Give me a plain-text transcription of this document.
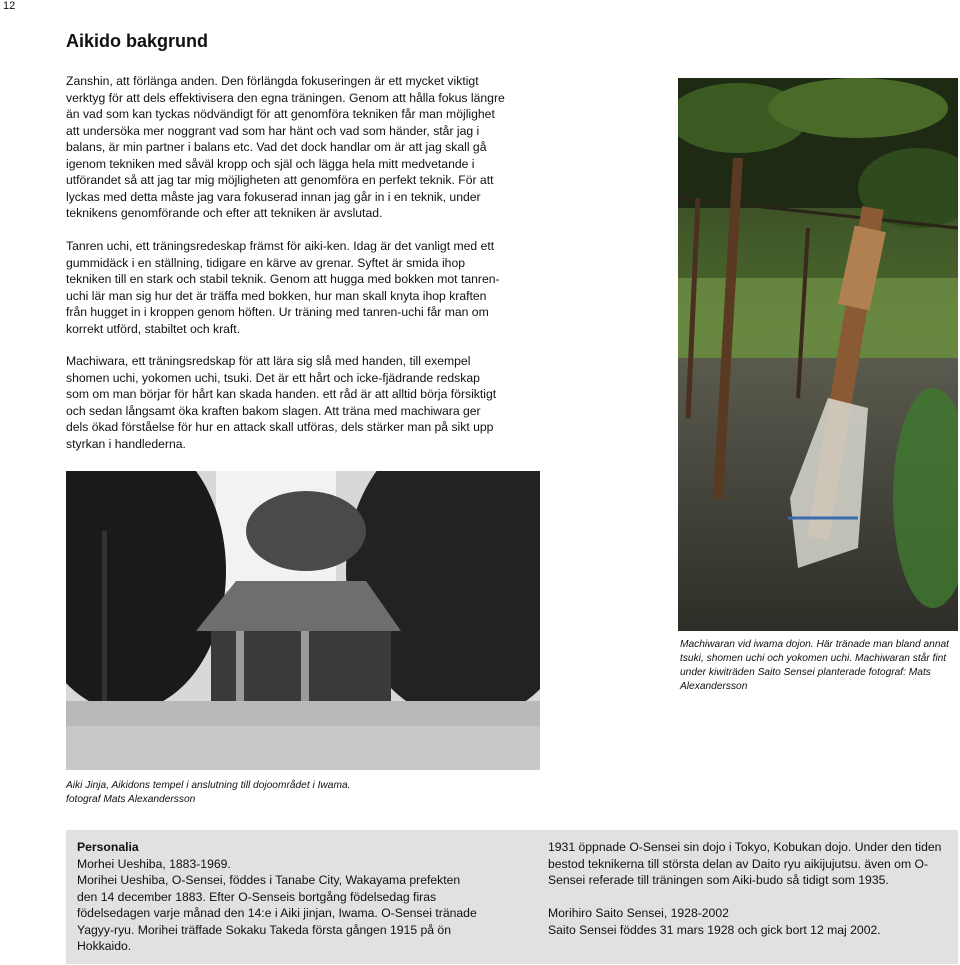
12
Aikido bakgrund

Zanshin, att förlänga anden. Den förlängda fokuseringen är ett mycket viktigt verktyg för att dels effektivisera den egna träningen. Genom att hålla fokus längre än vad som kan tyckas nödvändigt för att genomföra tekniken får man möjlighet att undersöka mer noggrant vad som har hänt och vad som händer, står jag i balans, är min partner i balans etc. Vad det dock handlar om är att jag skall gå igenom tekniken med såväl kropp och själ och lägga hela mitt medvetande i utförandet så att jag tar mig möjligheten att genomföra en perfekt teknik. För att lyckas med detta måste jag vara fokuserad innan jag går in i en teknik, under teknikens genomförande och efter att tekniken är avslutad.

Tanren uchi, ett träningsredeskap främst för aiki-ken. Idag är det vanligt med ett gummidäck i en ställning, tidigare en kärve av grenar. Syftet är smida ihop tekniken till en stark och stabil teknik. Genom att hugga med bokken mot tanren-uchi lär man sig hur det är träffa med bokken, hur man skall knyta ihop kraften från hugget in i kroppen genom höften. Ur träning med tanren-uchi får man om korrekt utförd, stabiltet och kraft.

Machiwara, ett träningsredskap för att lära sig slå med handen, till exempel shomen uchi, yokomen uchi, tsuki. Det är ett hårt och icke-fjädrande redskap som om man börjar för hårt kan skada handen. ett råd är att alltid börja försiktigt och sedan långsamt öka kraften bakom slagen. Att träna med machiwara ger dels ökad förståelse för hur en attack skall utföras, dels stärker man på sikt upp styrkan i handlederna.

Machiwaran vid iwama dojon. Här tränade man bland annat tsuki, shomen uchi och yokomen uchi. Machiwaran står fint under kiwiträden Saito Sensei planterade fotograf: Mats Alexandersson
Aiki Jinja, Aikidons tempel i anslutning till dojoområdet i Iwama.
fotograf Mats Alexandersson
Personalia
Morhei Ueshiba, 1883-1969.
Morihei Ueshiba, O-Sensei, föddes i Tanabe City, Wakayama prefekten den 14 december 1883. Efter O-Senseis bortgång födelsedag firas födelsedagen varje månad den 14:e i Aiki jinjan, Iwama. O-Sensei tränade Yagyy-ryu. Morihei träffade Sokaku Takeda första gången 1915 på ön Hokkaido.
1931 öppnade O-Sensei sin dojo i Tokyo, Kobukan dojo. Under den tiden bestod teknikerna till största delan av Daito ryu aikijujutsu. även om O-Sensei referade till träningen som Aiki-budo så tidigt som 1935.
Morihiro Saito Sensei, 1928-2002
Saito Sensei föddes 31 mars 1928 och gick bort 12 maj 2002.
